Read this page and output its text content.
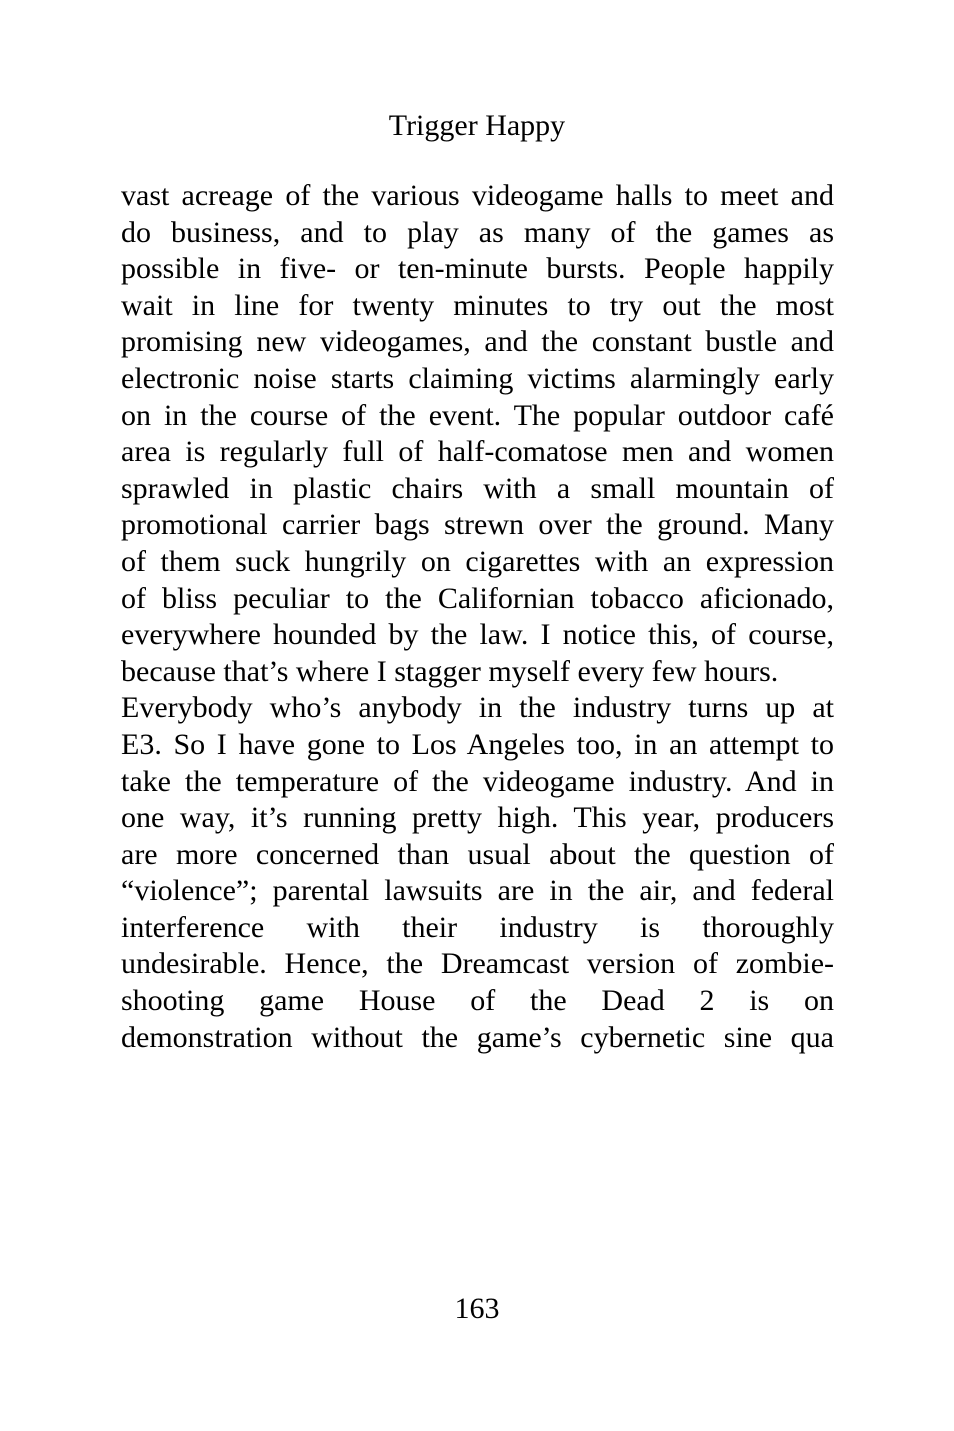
Trigger Happy
vast acreage of the various videogame halls to meet and
do business, and to play as many of the games as
possible in five- or ten-minute bursts. People happily
wait in line for twenty minutes to try out the most
promising new videogames, and the constant bustle and
electronic noise starts claiming victims alarmingly early
on in the course of the event. The popular outdoor café
area is regularly full of half-comatose men and women
sprawled in plastic chairs with a small mountain of
promotional carrier bags strewn over the ground. Many
of them suck hungrily on cigarettes with an expression
of bliss peculiar to the Californian tobacco aficionado,
everywhere hounded by the law. I notice this, of course,
because that’s where I stagger myself every few hours.
Everybody who’s anybody in the industry turns up at
E3. So I have gone to Los Angeles too, in an attempt to
take the temperature of the videogame industry. And in
one way, it’s running pretty high. This year, producers
are more concerned than usual about the question of
“violence”; parental lawsuits are in the air, and federal
interference with their industry is thoroughly
undesirable. Hence, the Dreamcast version of zombie-
shooting game House of the Dead 2 is on
demonstration without the game’s cybernetic sine qua
163
